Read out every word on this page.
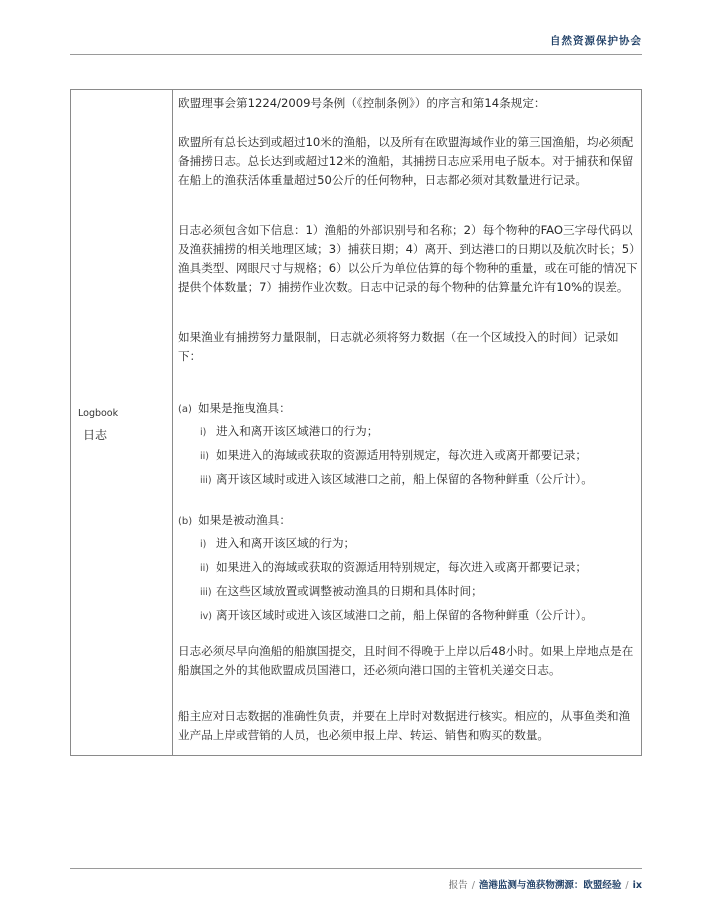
自然资源保护协会
Logbook
日志

欧盟理事会第1224/2009号条例（《控制条例》）的序言和第14条规定：

欧盟所有总长达到或超过10米的渔船，以及所有在欧盟海域作业的第三国渔船，均必须配备捕捞日志。总长达到或超过12米的渔船，其捕捞日志应采用电子版本。对于捕获和保留在船上的渔获活体重量超过50公斤的任何物种，日志都必须对其数量进行记录。

日志必须包含如下信息：1）渔船的外部识别号和名称；2）每个物种的FAO三字母代码以及渔获捕捞的相关地理区域；3）捕获日期；4）离开、到达港口的日期以及航次时长；5）渔具类型、网眼尺寸与规格；6）以公斤为单位估算的每个物种的重量，或在可能的情况下提供个体数量；7）捕捞作业次数。日志中记录的每个物种的估算量允许有10%的误差。

如果渔业有捕捞努力量限制，日志就必须将努力数据（在一个区域投入的时间）记录如下：

(a) 如果是拖曳渔具：

i) 进入和离开该区域港口的行为；

ii) 如果进入的海域或获取的资源适用特别规定，每次进入或离开都要记录；

iii) 离开该区域时或进入该区域港口之前，船上保留的各物种鲜重（公斤计）。

(b) 如果是被动渔具：

i) 进入和离开该区域的行为；

ii) 如果进入的海域或获取的资源适用特别规定，每次进入或离开都要记录；

iii) 在这些区域放置或调整被动渔具的日期和具体时间；

iv) 离开该区域时或进入该区域港口之前，船上保留的各物种鲜重（公斤计）。

日志必须尽早向渔船的船旗国提交，且时间不得晚于上岸以后48小时。如果上岸地点是在船旗国之外的其他欧盟成员国港口，还必须向港口国的主管机关递交日志。

船主应对日志数据的准确性负责，并要在上岸时对数据进行核实。相应的，从事鱼类和渔业产品上岸或营销的人员，也必须申报上岸、转运、销售和购买的数量。

报告 / 渔港监测与渔获物溯源：欧盟经验 / ix
